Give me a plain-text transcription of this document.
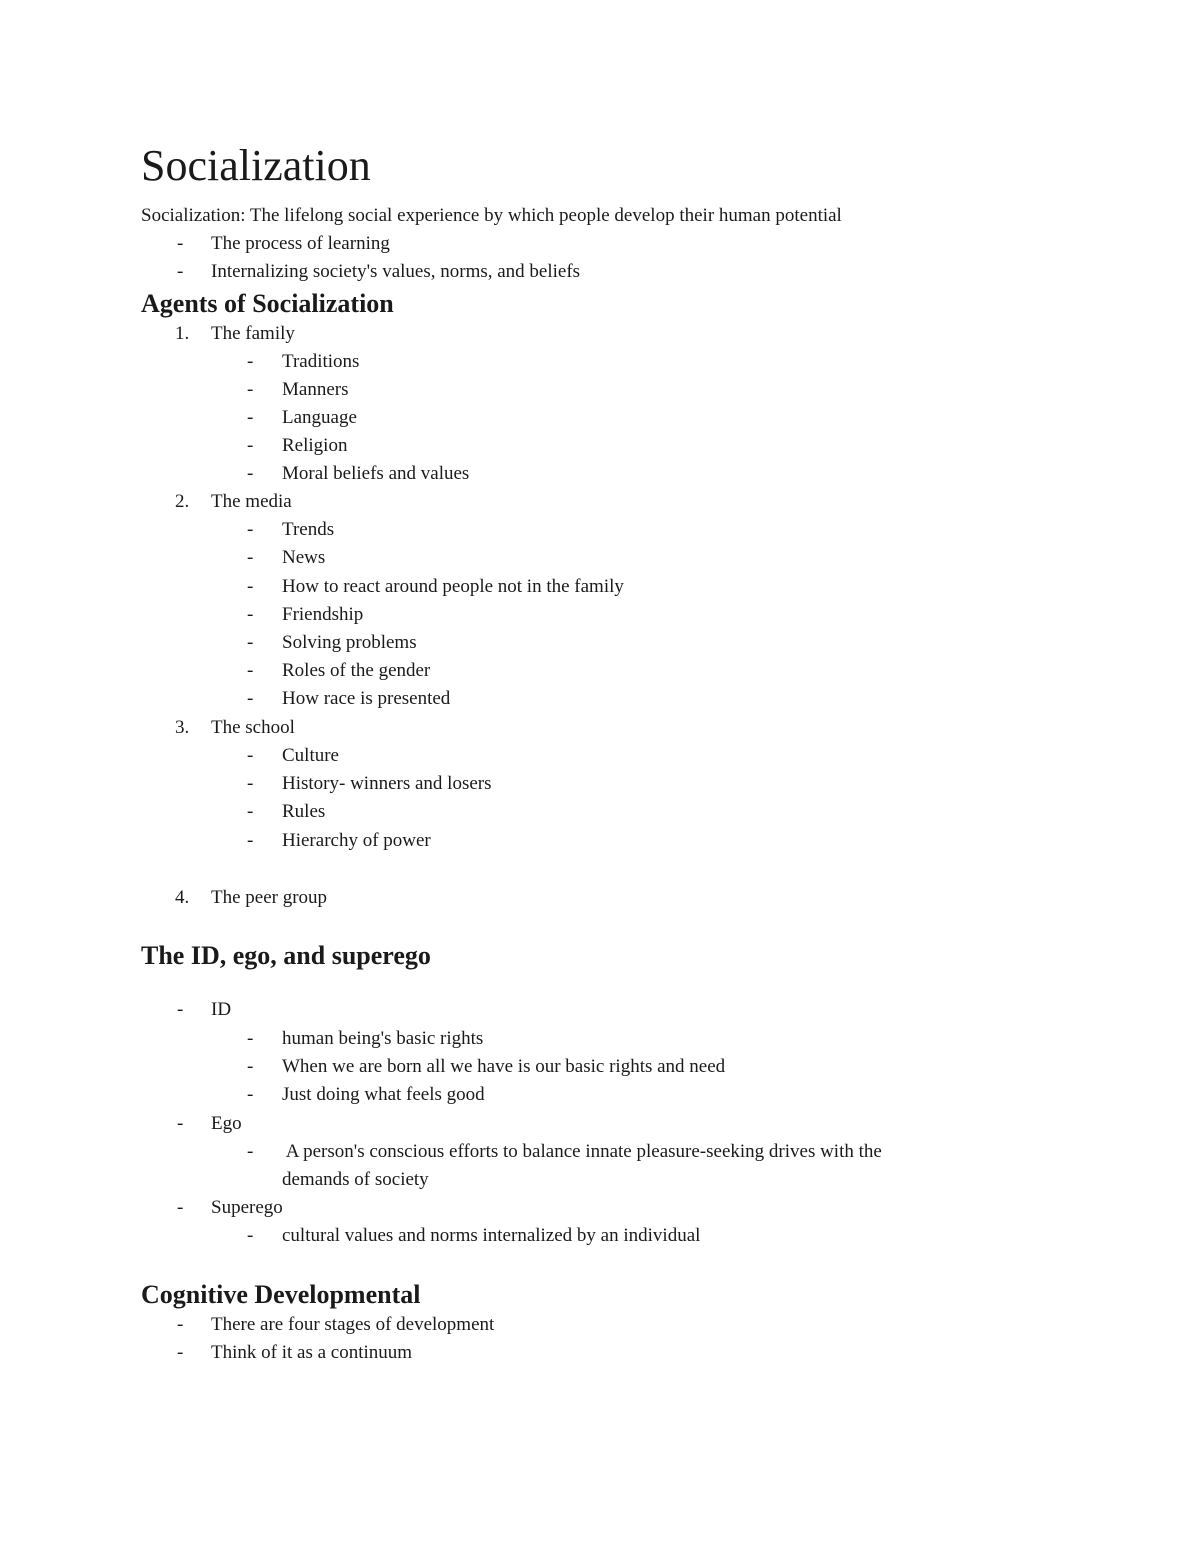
Socialization
Socialization: The lifelong social experience by which people develop their human potential
- The process of learning
- Internalizing society's values, norms, and beliefs
Agents of Socialization
1. The family
- Traditions
- Manners
- Language
- Religion
- Moral beliefs and values
2. The media
- Trends
- News
- How to react around people not in the family
- Friendship
- Solving problems
- Roles of the gender
- How race is presented
3. The school
- Culture
- History- winners and losers
- Rules
- Hierarchy of power
4. The peer group
The ID, ego, and superego
- ID
- human being's basic rights
- When we are born all we have is our basic rights and need
- Just doing what feels good
- Ego
- A person's conscious efforts to balance innate pleasure-seeking drives with the
demands of society
- Superego
- cultural values and norms internalized by an individual
Cognitive Developmental
- There are four stages of development
- Think of it as a continuum
